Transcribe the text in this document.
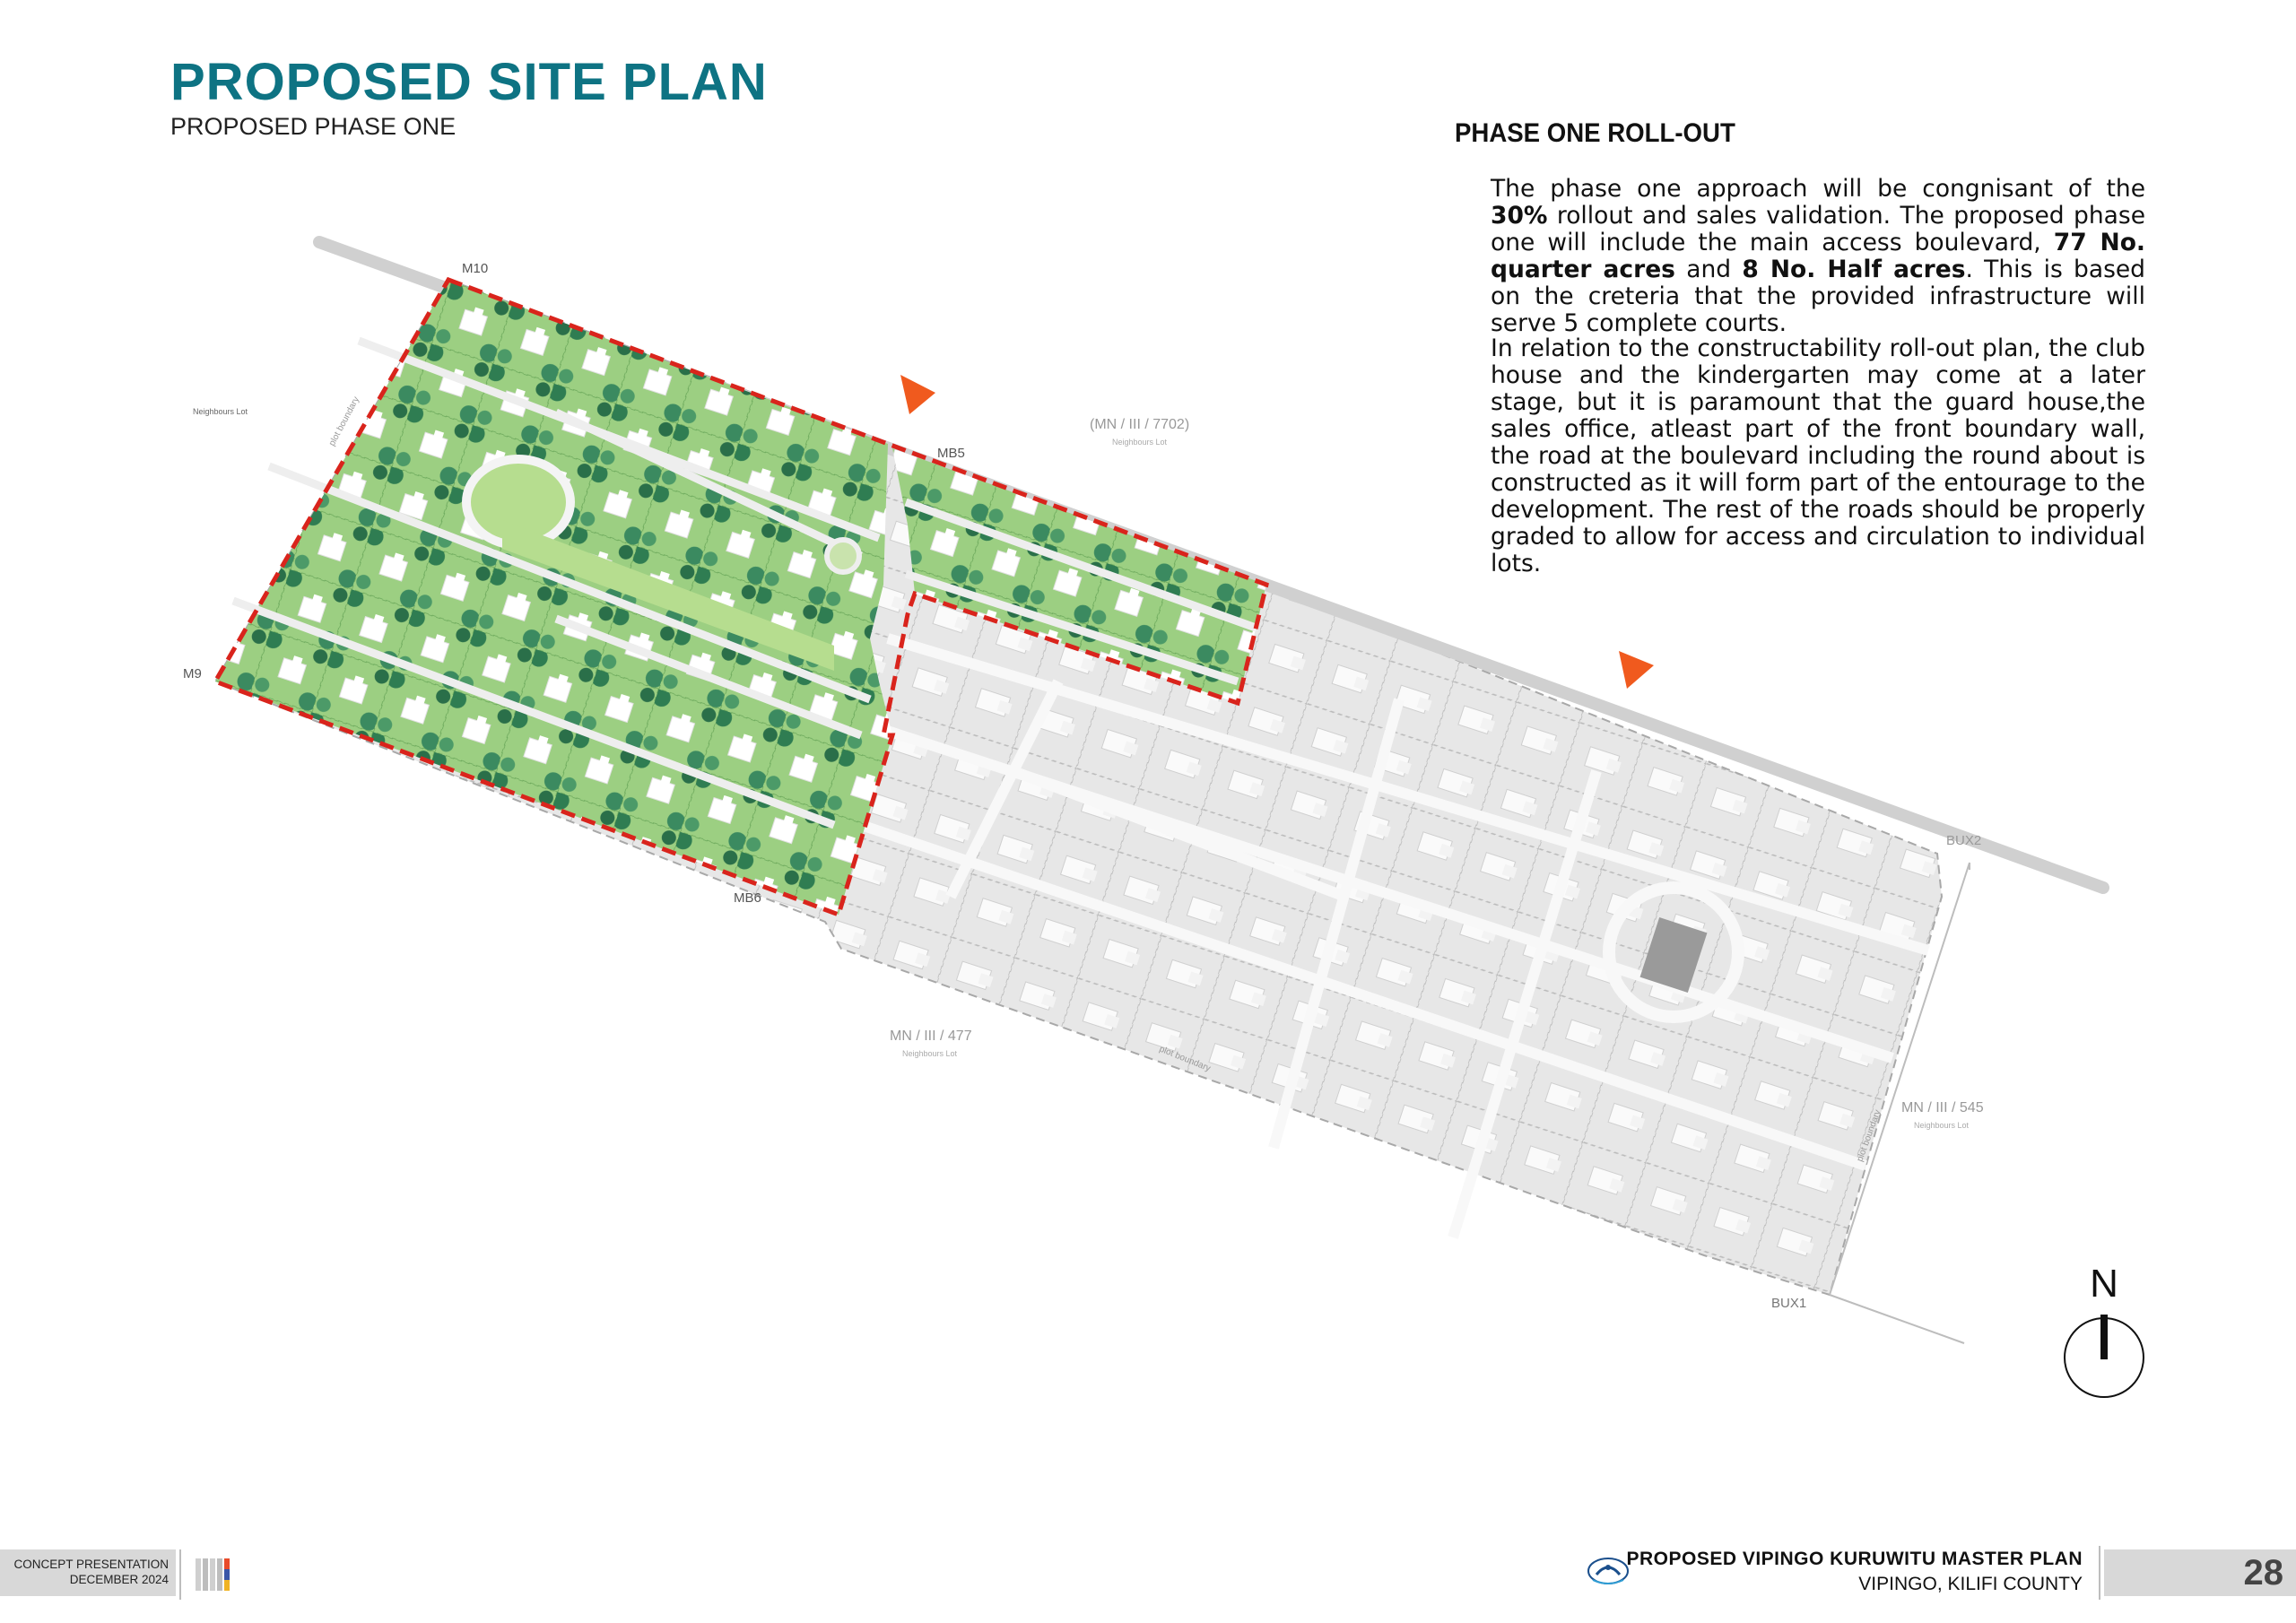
PROPOSED SITE PLAN
PROPOSED PHASE ONE	PHASE ONE ROLL-OUT
The phase one approach will be congnisant of the 30% rollout and sales validation. The proposed phase one will include the main access boulevard, 77 No. quarter acres and 8 No. Half acres. This is based on the creteria that the provided infrastructure will serve 5 complete courts.
In relation to the constructability roll-out plan, the club house and the kindergarten may come at a later stage, but it is paramount that the guard house,the sales office, atleast part of the front boundary wall, the road at the boulevard including the round about is constructed as it will form part of the entourage to the development. The rest of the roads should be properly graded to allow for access and circulation to individual lots.
M10
M9
MB5
MB6
BUX1
BUX2
(MN / III / 7702)
Neighbours Lot
Neighbours Lot
MN / III / 477
Neighbours Lot
MN / III / 545
Neighbours Lot
plot boundary
plot boundary
plot boundary
N
CONCEPT PRESENTATION
DECEMBER 2024
PROPOSED VIPINGO KURUWITU MASTER PLAN
VIPINGO, KILIFI COUNTY	28
